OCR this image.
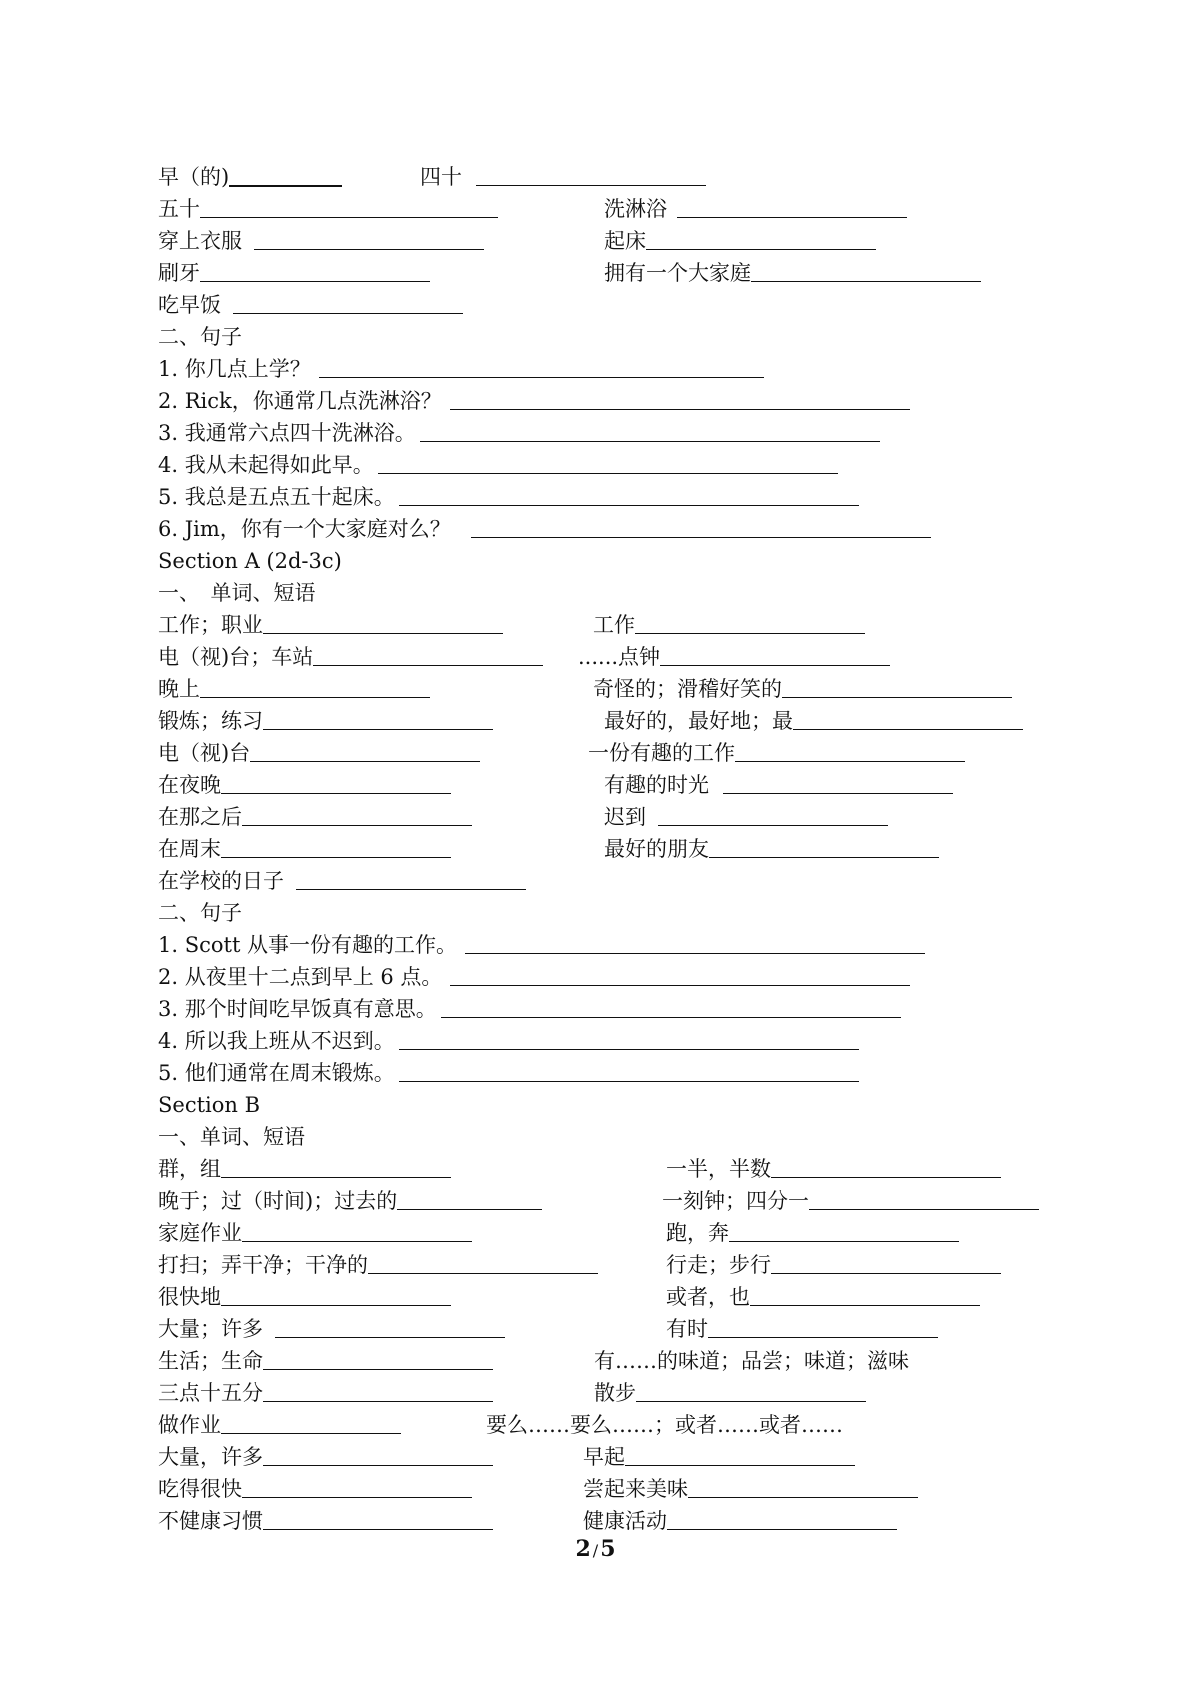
早（的)	四十
五十	洗淋浴
穿上衣服	起床
刷牙	拥有一个大家庭
吃早饭
二、句子
1. 你几点上学？
2. Rick，你通常几点洗淋浴？
3. 我通常六点四十洗淋浴。
4. 我从未起得如此早。
5. 我总是五点五十起床。
6. Jim，你有一个大家庭对么？
Section A (2d-3c)
一、　单词、短语
工作；职业	工作
电（视)台；车站	......点钟
晚上	奇怪的；滑稽好笑的
锻炼；练习	最好的，最好地；最
电（视)台	一份有趣的工作
在夜晚	有趣的时光
在那之后	迟到
在周末	最好的朋友
在学校的日子
二、句子
1. Scott 从事一份有趣的工作。
2. 从夜里十二点到早上 6 点。
3. 那个时间吃早饭真有意思。
4. 所以我上班从不迟到。
5. 他们通常在周末锻炼。
Section B
一、单词、短语
群，组	一半，半数
晚于；过（时间)；过去的	一刻钟；四分一
家庭作业	跑，奔
打扫；弄干净；干净的	行走；步行
很快地	或者，也
大量；许多	有时
生活；生命	有……的味道；品尝；味道；滋味
三点十五分	散步
做作业	要么……要么……；或者……或者……
大量，许多	早起
吃得很快	尝起来美味
不健康习惯	健康活动
2 /5
